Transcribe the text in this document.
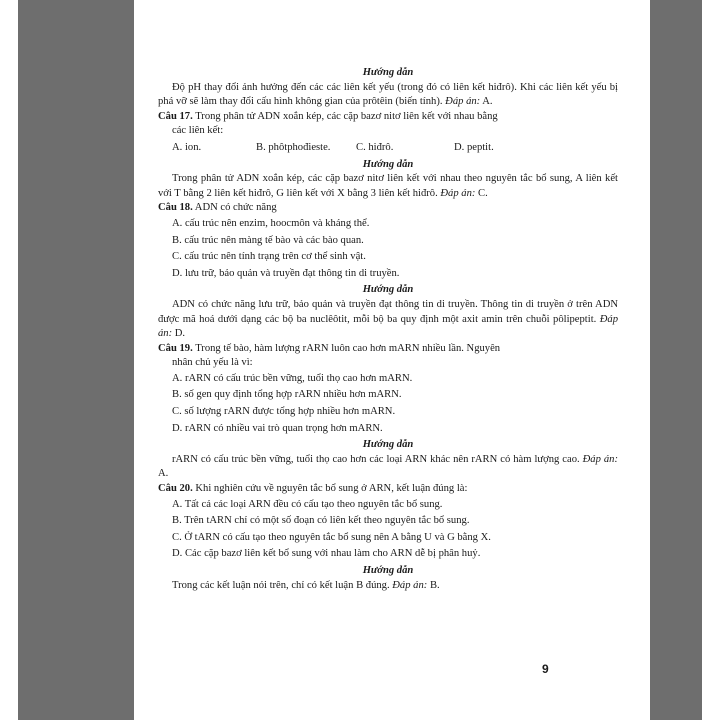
Hướng dẫn

Độ pH thay đổi ảnh hưởng đến các các liên kết yếu (trong đó có liên kết hiđrô). Khi các liên kết yếu bị phá vỡ sẽ làm thay đổi cấu hình không gian của prôtêin (biến tính). Đáp án: A.

Câu 17. Trong phân tử ADN xoắn kép, các cặp bazơ nitơ liên kết với nhau bằng

các liên kết:

A. ion.	B. phôtphođieste.	C. hiđrô.	D. peptit.

Hướng dẫn

Trong phân tử ADN xoắn kép, các cặp bazơ nitơ liên kết với nhau theo nguyên tắc bổ sung, A liên kết với T bằng 2 liên kết hiđrô, G liên kết với X bằng 3 liên kết hiđrô. Đáp án: C.

Câu 18. ADN có chức năng

A. cấu trúc nên enzim, hoocmôn và kháng thể.

B. cấu trúc nên màng tế bào và các bào quan.

C. cấu trúc nên tính trạng trên cơ thể sinh vật.

D. lưu trữ, bảo quản và truyền đạt thông tin di truyền.

Hướng dẫn

ADN có chức năng lưu trữ, bảo quản và truyền đạt thông tin di truyền. Thông tin di truyền ở trên ADN được mã hoá dưới dạng các bộ ba nuclêôtit, mỗi bộ ba quy định một axit amin trên chuỗi pôlipeptit. Đáp án: D.

Câu 19. Trong tế bào, hàm lượng rARN luôn cao hơn mARN nhiều lần. Nguyên

nhân chủ yếu là vì:

A. rARN có cấu trúc bền vững, tuổi thọ cao hơn mARN.

B. số gen quy định tổng hợp rARN nhiều hơn mARN.

C. số lượng rARN được tổng hợp nhiều hơn mARN.

D. rARN có nhiều vai trò quan trọng hơn mARN.

Hướng dẫn

rARN có cấu trúc bền vững, tuổi thọ cao hơn các loại ARN khác nên rARN có hàm lượng cao. Đáp án: A.

Câu 20. Khi nghiên cứu về nguyên tắc bổ sung ở ARN, kết luận đúng là:

A. Tất cả các loại ARN đều có cấu tạo theo nguyên tắc bổ sung.

B. Trên tARN chỉ có một số đoạn có liên kết theo nguyên tắc bổ sung.

C. Ở tARN có cấu tạo theo nguyên tắc bổ sung nên A bằng U và G bằng X.

D. Các cặp bazơ liên kết bổ sung với nhau làm cho ARN dễ bị phân huỷ.

Hướng dẫn

Trong các kết luận nói trên, chỉ có kết luận B đúng. Đáp án: B.

9
